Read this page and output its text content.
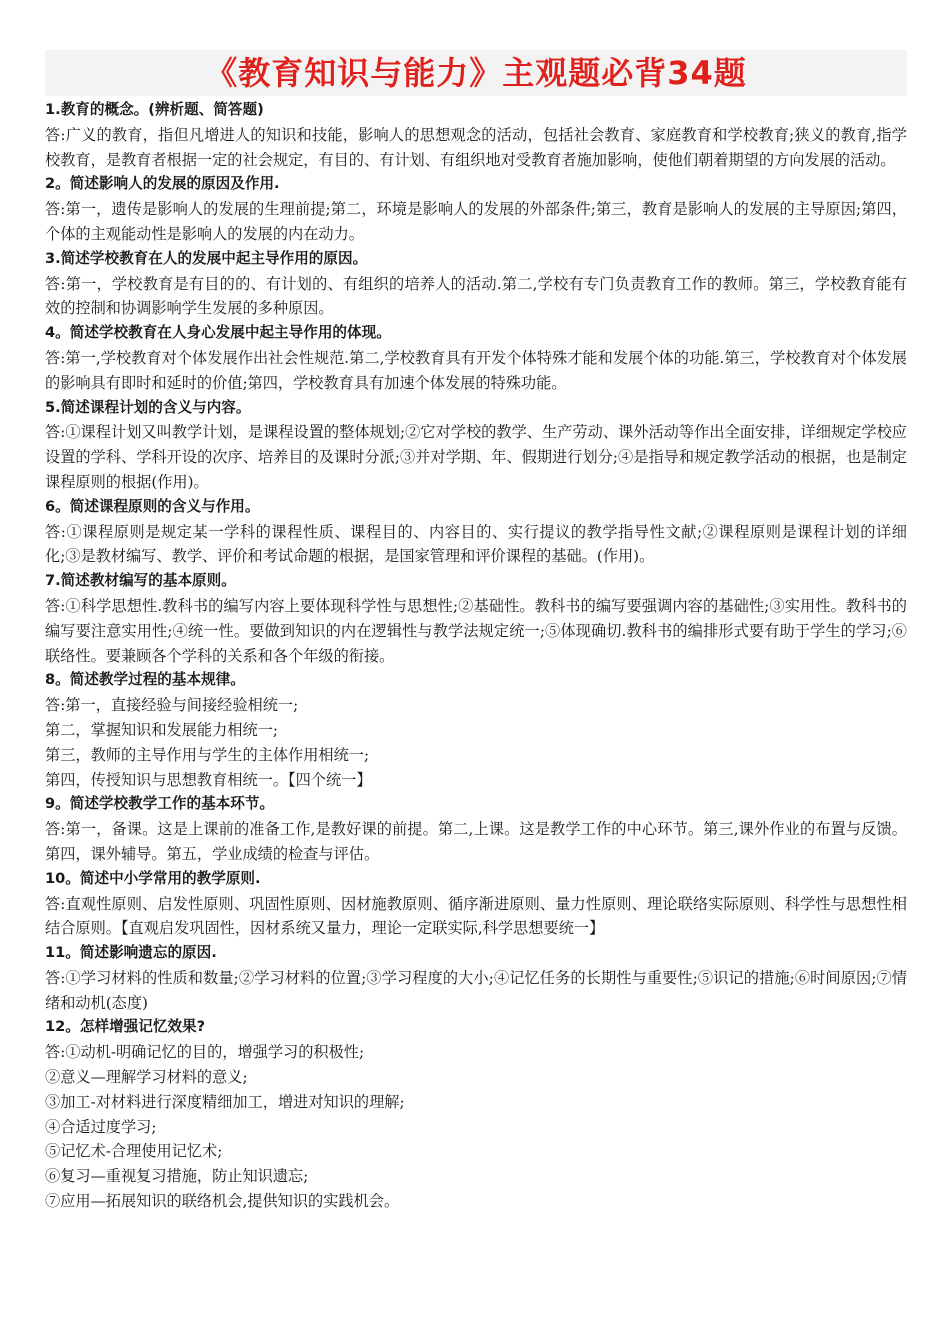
《教育知识与能力》主观题必背34题
1.教育的概念。(辨析题、简答题)
答:广义的教育，指但凡增进人的知识和技能，影响人的思想观念的活动，包括社会教育、家庭教育和学校教育;狭义的教育,指学校教育，是教育者根据一定的社会规定，有目的、有计划、有组织地对受教育者施加影响，使他们朝着期望的方向发展的活动。
2。简述影响人的发展的原因及作用.
答:第一，遗传是影响人的发展的生理前提;第二，环境是影响人的发展的外部条件;第三，教育是影响人的发展的主导原因;第四，个体的主观能动性是影响人的发展的内在动力。
3.简述学校教育在人的发展中起主导作用的原因。
答:第一，学校教育是有目的的、有计划的、有组织的培养人的活动.第二,学校有专门负责教育工作的教师。第三，学校教育能有效的控制和协调影响学生发展的多种原因。
4。简述学校教育在人身心发展中起主导作用的体现。
答:第一,学校教育对个体发展作出社会性规范.第二,学校教育具有开发个体特殊才能和发展个体的功能.第三，学校教育对个体发展的影响具有即时和延时的价值;第四，学校教育具有加速个体发展的特殊功能。
5.简述课程计划的含义与内容。
答:①课程计划又叫教学计划，是课程设置的整体规划;②它对学校的教学、生产劳动、课外活动等作出全面安排，详细规定学校应设置的学科、学科开设的次序、培养目的及课时分派;③并对学期、年、假期进行划分;④是指导和规定教学活动的根据，也是制定课程原则的根据(作用)。
6。简述课程原则的含义与作用。
答:①课程原则是规定某一学科的课程性质、课程目的、内容目的、实行提议的教学指导性文献;②课程原则是课程计划的详细化;③是教材编写、教学、评价和考试命题的根据，是国家管理和评价课程的基础。(作用)。
7.简述教材编写的基本原则。
答:①科学思想性.教科书的编写内容上要体现科学性与思想性;②基础性。教科书的编写要强调内容的基础性;③实用性。教科书的编写要注意实用性;④统一性。要做到知识的内在逻辑性与教学法规定统一;⑤体现确切.教科书的编排形式要有助于学生的学习;⑥联络性。要兼顾各个学科的关系和各个年级的衔接。
8。简述教学过程的基本规律。
答:第一，直接经验与间接经验相统一;
第二，掌握知识和发展能力相统一;
第三，教师的主导作用与学生的主体作用相统一;
第四，传授知识与思想教育相统一。【四个统一】
9。简述学校教学工作的基本环节。
答:第一，备课。这是上课前的准备工作,是教好课的前提。第二,上课。这是教学工作的中心环节。第三,课外作业的布置与反馈。第四，课外辅导。第五，学业成绩的检查与评估。
10。简述中小学常用的教学原则.
答:直观性原则、启发性原则、巩固性原则、因材施教原则、循序渐进原则、量力性原则、理论联络实际原则、科学性与思想性相结合原则。【直观启发巩固性，因材系统又量力，理论一定联实际,科学思想要统一】
11。简述影响遗忘的原因.
答:①学习材料的性质和数量;②学习材料的位置;③学习程度的大小;④记忆任务的长期性与重要性;⑤识记的措施;⑥时间原因;⑦情绪和动机(态度)
12。怎样增强记忆效果?
答:①动机-明确记忆的目的，增强学习的积极性;
②意义—理解学习材料的意义;
③加工-对材料进行深度精细加工，增进对知识的理解;
④合适过度学习;
⑤记忆术-合理使用记忆术;
⑥复习—重视复习措施，防止知识遗忘;
⑦应用—拓展知识的联络机会,提供知识的实践机会。
